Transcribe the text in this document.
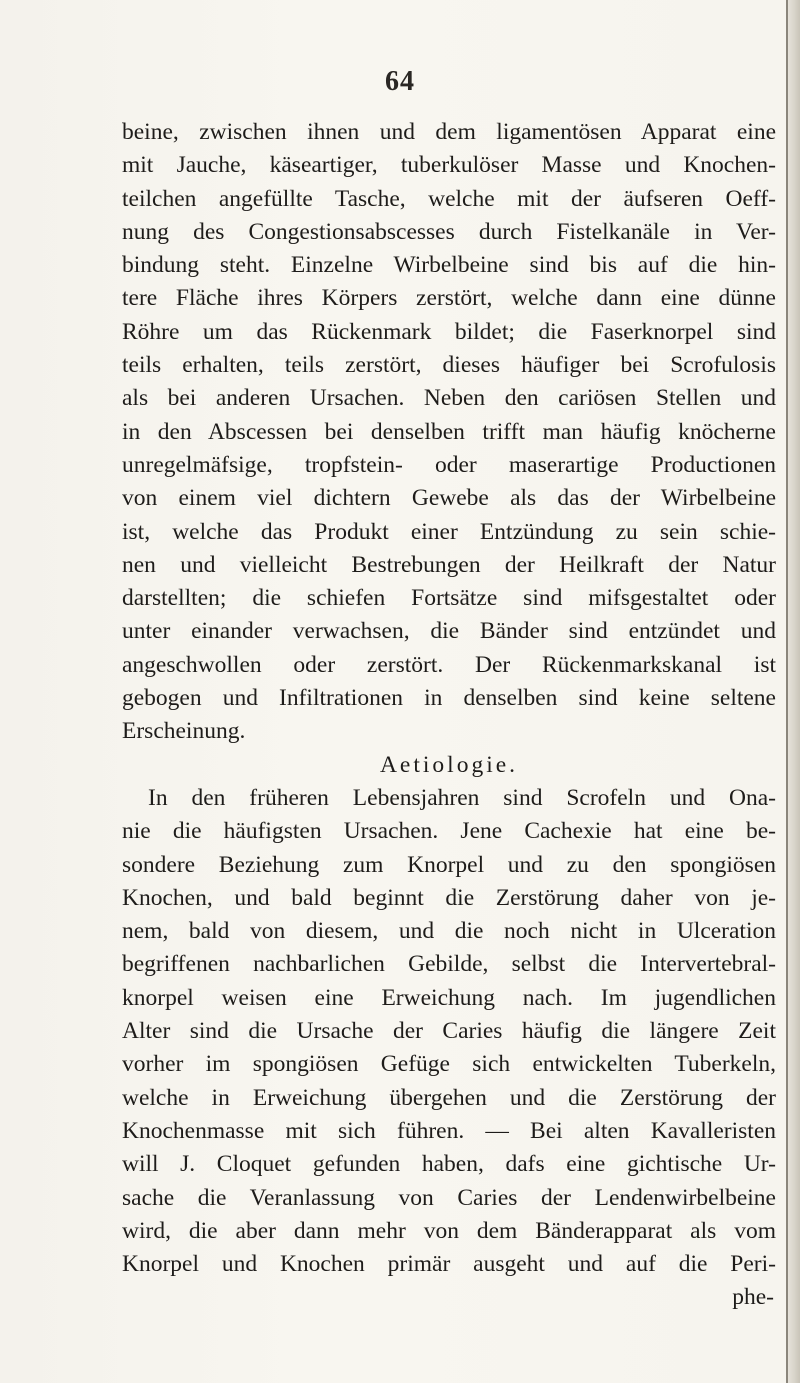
64
beine, zwischen ihnen und dem ligamentösen Apparat eine
mit Jauche, käseartiger, tuberkulöser Masse und Knochen-
teilchen angefüllte Tasche, welche mit der äufseren Oeff-
nung des Congestionsabscesses durch Fistelkanäle in Ver-
bindung steht. Einzelne Wirbelbeine sind bis auf die hin-
tere Fläche ihres Körpers zerstört, welche dann eine dünne
Röhre um das Rückenmark bildet; die Faserknorpel sind
teils erhalten, teils zerstört, dieses häufiger bei Scrofulosis
als bei anderen Ursachen. Neben den cariösen Stellen und
in den Abscessen bei denselben trifft man häufig knöcherne
unregelmäfsige, tropfstein- oder maserartige Productionen
von einem viel dichtern Gewebe als das der Wirbelbeine
ist, welche das Produkt einer Entzündung zu sein schie-
nen und vielleicht Bestrebungen der Heilkraft der Natur
darstellten; die schiefen Fortsätze sind mifsgestaltet oder
unter einander verwachsen, die Bänder sind entzündet und
angeschwollen oder zerstört. Der Rückenmarkskanal ist
gebogen und Infiltrationen in denselben sind keine seltene
Erscheinung.
Aetiologie.
In den früheren Lebensjahren sind Scrofeln und Ona-
nie die häufigsten Ursachen. Jene Cachexie hat eine be-
sondere Beziehung zum Knorpel und zu den spongiösen
Knochen, und bald beginnt die Zerstörung daher von je-
nem, bald von diesem, und die noch nicht in Ulceration
begriffenen nachbarlichen Gebilde, selbst die Intervertebral-
knorpel weisen eine Erweichung nach. Im jugendlichen
Alter sind die Ursache der Caries häufig die längere Zeit
vorher im spongiösen Gefüge sich entwickelten Tuberkeln,
welche in Erweichung übergehen und die Zerstörung der
Knochenmasse mit sich führen. — Bei alten Kavalleristen
will J. Cloquet gefunden haben, dafs eine gichtische Ur-
sache die Veranlassung von Caries der Lendenwirbelbeine
wird, die aber dann mehr von dem Bänderapparat als vom
Knorpel und Knochen primär ausgeht und auf die Peri-
phe-
